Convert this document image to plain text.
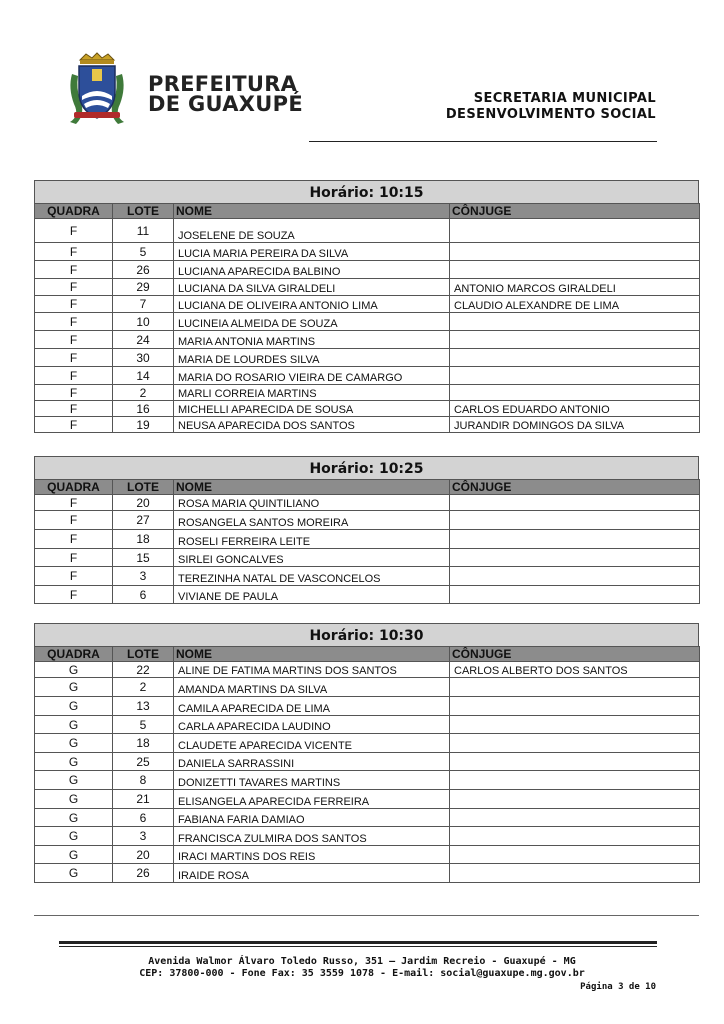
PREFEITURA
DE GUAXUPÉ	SECRETARIA MUNICIPAL
DESENVOLVIMENTO SOCIAL
Horário: 10:15
QUADRA	LOTE	NOME	CÔNJUGE
F	11	JOSELENE DE SOUZA	
F	5	LUCIA MARIA PEREIRA DA SILVA	
F	26	LUCIANA APARECIDA BALBINO	
F	29	LUCIANA DA SILVA GIRALDELI	ANTONIO MARCOS GIRALDELI
F	7	LUCIANA DE OLIVEIRA ANTONIO LIMA	CLAUDIO ALEXANDRE DE LIMA
F	10	LUCINEIA ALMEIDA DE SOUZA	
F	24	MARIA ANTONIA MARTINS	
F	30	MARIA DE LOURDES SILVA	
F	14	MARIA DO ROSARIO VIEIRA DE CAMARGO	
F	2	MARLI CORREIA MARTINS	
F	16	MICHELLI APARECIDA DE SOUSA	CARLOS EDUARDO ANTONIO
F	19	NEUSA APARECIDA DOS SANTOS	JURANDIR DOMINGOS DA SILVA
Horário: 10:25
QUADRA	LOTE	NOME	CÔNJUGE
F	20	ROSA MARIA QUINTILIANO	
F	27	ROSANGELA SANTOS MOREIRA	
F	18	ROSELI FERREIRA LEITE	
F	15	SIRLEI GONCALVES	
F	3	TEREZINHA NATAL DE VASCONCELOS	
F	6	VIVIANE DE PAULA	
Horário: 10:30
QUADRA	LOTE	NOME	CÔNJUGE
G	22	ALINE DE FATIMA MARTINS DOS SANTOS	CARLOS ALBERTO DOS SANTOS
G	2	AMANDA MARTINS DA SILVA	
G	13	CAMILA APARECIDA DE LIMA	
G	5	CARLA APARECIDA LAUDINO	
G	18	CLAUDETE APARECIDA VICENTE	
G	25	DANIELA SARRASSINI	
G	8	DONIZETTI TAVARES MARTINS	
G	21	ELISANGELA APARECIDA FERREIRA	
G	6	FABIANA FARIA DAMIAO	
G	3	FRANCISCA ZULMIRA DOS SANTOS	
G	20	IRACI MARTINS DOS REIS	
G	26	IRAIDE ROSA	
Avenida Walmor Álvaro Toledo Russo, 351 – Jardim Recreio - Guaxupé - MG
CEP: 37800-000 - Fone Fax: 35 3559 1078 - E-mail: social@guaxupe.mg.gov.br
Página 3 de 10
